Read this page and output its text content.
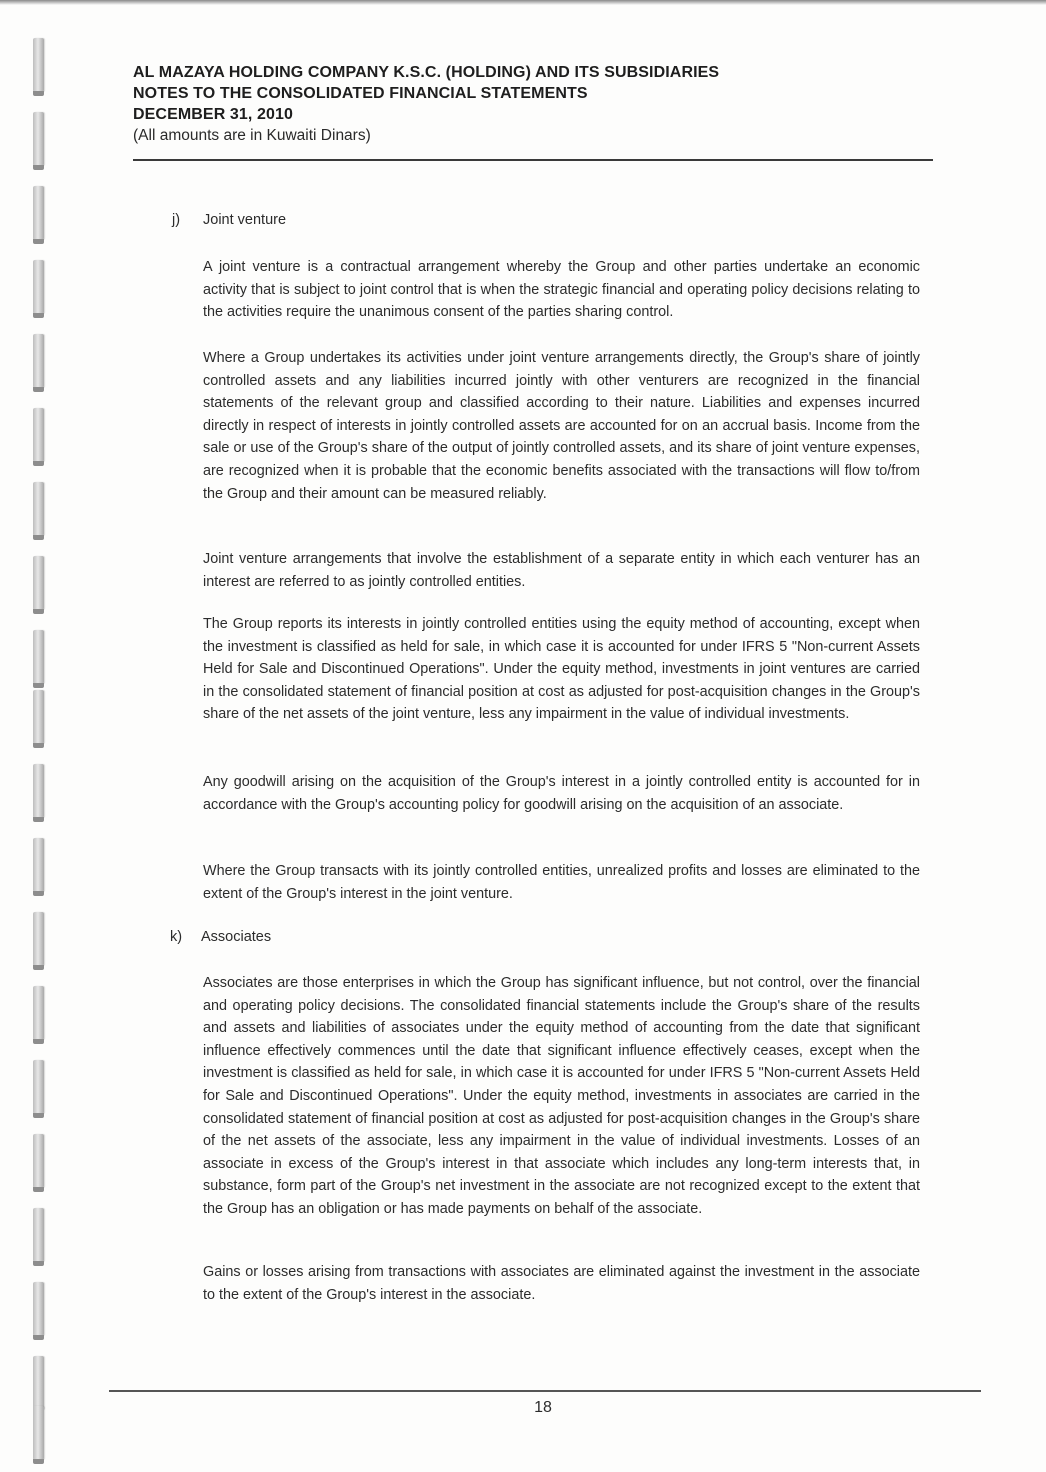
AL MAZAYA HOLDING COMPANY K.S.C. (HOLDING) AND ITS SUBSIDIARIES
NOTES TO THE CONSOLIDATED FINANCIAL STATEMENTS
DECEMBER 31, 2010
(All amounts are in Kuwaiti Dinars)
j) Joint venture

A joint venture is a contractual arrangement whereby the Group and other parties undertake an economic activity that is subject to joint control that is when the strategic financial and operating policy decisions relating to the activities require the unanimous consent of the parties sharing control.

Where a Group undertakes its activities under joint venture arrangements directly, the Group's share of jointly controlled assets and any liabilities incurred jointly with other venturers are recognized in the financial statements of the relevant group and classified according to their nature. Liabilities and expenses incurred directly in respect of interests in jointly controlled assets are accounted for on an accrual basis. Income from the sale or use of the Group's share of the output of jointly controlled assets, and its share of joint venture expenses, are recognized when it is probable that the economic benefits associated with the transactions will flow to/from the Group and their amount can be measured reliably.

Joint venture arrangements that involve the establishment of a separate entity in which each venturer has an interest are referred to as jointly controlled entities.

The Group reports its interests in jointly controlled entities using the equity method of accounting, except when the investment is classified as held for sale, in which case it is accounted for under IFRS 5 "Non-current Assets Held for Sale and Discontinued Operations". Under the equity method, investments in joint ventures are carried in the consolidated statement of financial position at cost as adjusted for post-acquisition changes in the Group's share of the net assets of the joint venture, less any impairment in the value of individual investments.

Any goodwill arising on the acquisition of the Group's interest in a jointly controlled entity is accounted for in accordance with the Group's accounting policy for goodwill arising on the acquisition of an associate.

Where the Group transacts with its jointly controlled entities, unrealized profits and losses are eliminated to the extent of the Group's interest in the joint venture.

k) Associates

Associates are those enterprises in which the Group has significant influence, but not control, over the financial and operating policy decisions. The consolidated financial statements include the Group's share of the results and assets and liabilities of associates under the equity method of accounting from the date that significant influence effectively commences until the date that significant influence effectively ceases, except when the investment is classified as held for sale, in which case it is accounted for under IFRS 5 "Non-current Assets Held for Sale and Discontinued Operations". Under the equity method, investments in associates are carried in the consolidated statement of financial position at cost as adjusted for post-acquisition changes in the Group's share of the net assets of the associate, less any impairment in the value of individual investments. Losses of an associate in excess of the Group's interest in that associate which includes any long-term interests that, in substance, form part of the Group's net investment in the associate are not recognized except to the extent that the Group has an obligation or has made payments on behalf of the associate.

Gains or losses arising from transactions with associates are eliminated against the investment in the associate to the extent of the Group's interest in the associate.

18
